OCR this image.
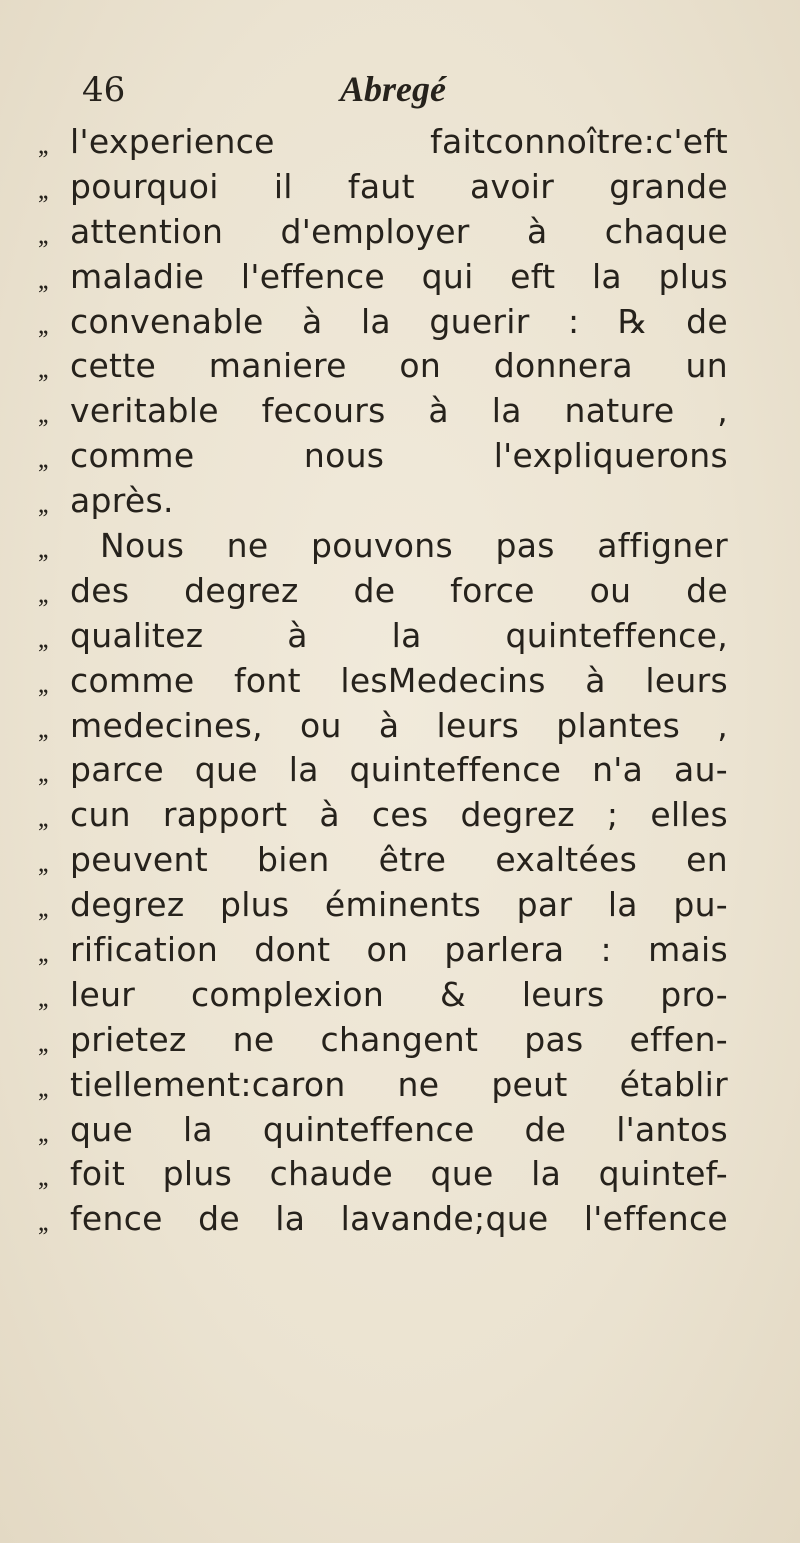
46	Abregé
,, l'experience faitconnoître:c'eft
,, pourquoi il faut avoir grande
,, attention d'employer à chaque
,, maladie l'effence qui eft la plus
,, convenable à la guerir : ℞ de
,, cette maniere on donnera un
,, veritable fecours à la nature ,
,, comme nous l'expliquerons
,, après.
,,	Nous ne pouvons pas affigner
,, des degrez de force ou de
,, qualitez à la quinteffence,
,, comme font lesMedecins à leurs
,, medecines, ou à leurs plantes ,
,, parce que la quinteffence n'a au-
,, cun rapport à ces degrez ; elles
,, peuvent bien être exaltées en
,, degrez plus éminents par la pu-
,, rification dont on parlera : mais
,, leur complexion & leurs pro-
,, prietez ne changent pas effen-
,, tiellement:caron ne peut établir
,, que la quinteffence de l'antos
,, foit plus chaude que la quintef-
,, fence de la lavande;que l'effence
